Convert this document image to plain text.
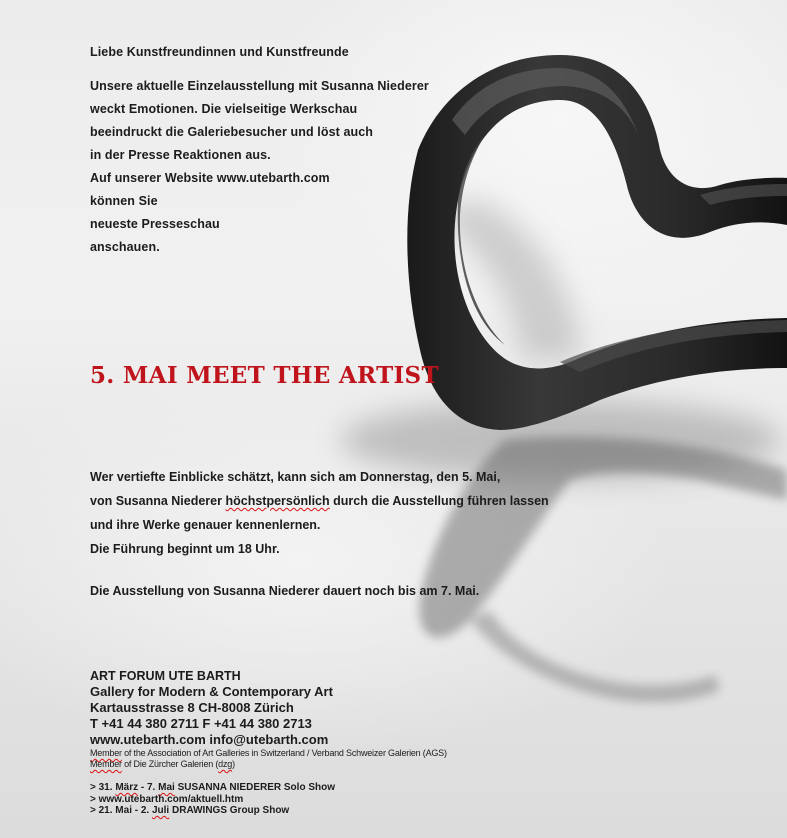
Liebe Kunstfreundinnen und Kunstfreunde

Unsere aktuelle Einzelausstellung mit Susanna Niederer
weckt Emotionen. Die vielseitige Werkschau
beeindruckt die Galeriebesucher und löst auch
in der Presse Reaktionen aus.
Auf unserer Website www.utebarth.com
können Sie
neueste Presseschau
anschauen.
5. MAI MEET THE ARTIST
Wer vertiefte Einblicke schätzt, kann sich am Donnerstag, den 5. Mai,
von Susanna Niederer höchstpersönlich durch die Ausstellung führen lassen
und ihre Werke genauer kennenlernen.
Die Führung beginnt um 18 Uhr.
Die Ausstellung von Susanna Niederer dauert noch bis am 7. Mai.
ART FORUM UTE BARTH
Gallery for Modern & Contemporary Art
Kartausstrasse 8 CH-8008 Zürich
T +41 44 380 2711 F +41 44 380 2713
www.utebarth.com info@utebarth.com
Member of the Association of Art Galleries in Switzerland / Verband Schweizer Galerien (AGS)
Member of Die Zürcher Galerien (dzg)
> 31. März - 7. Mai SUSANNA NIEDERER Solo Show
> www.utebarth.com/aktuell.htm
> 21. Mai - 2. Juli DRAWINGS Group Show
